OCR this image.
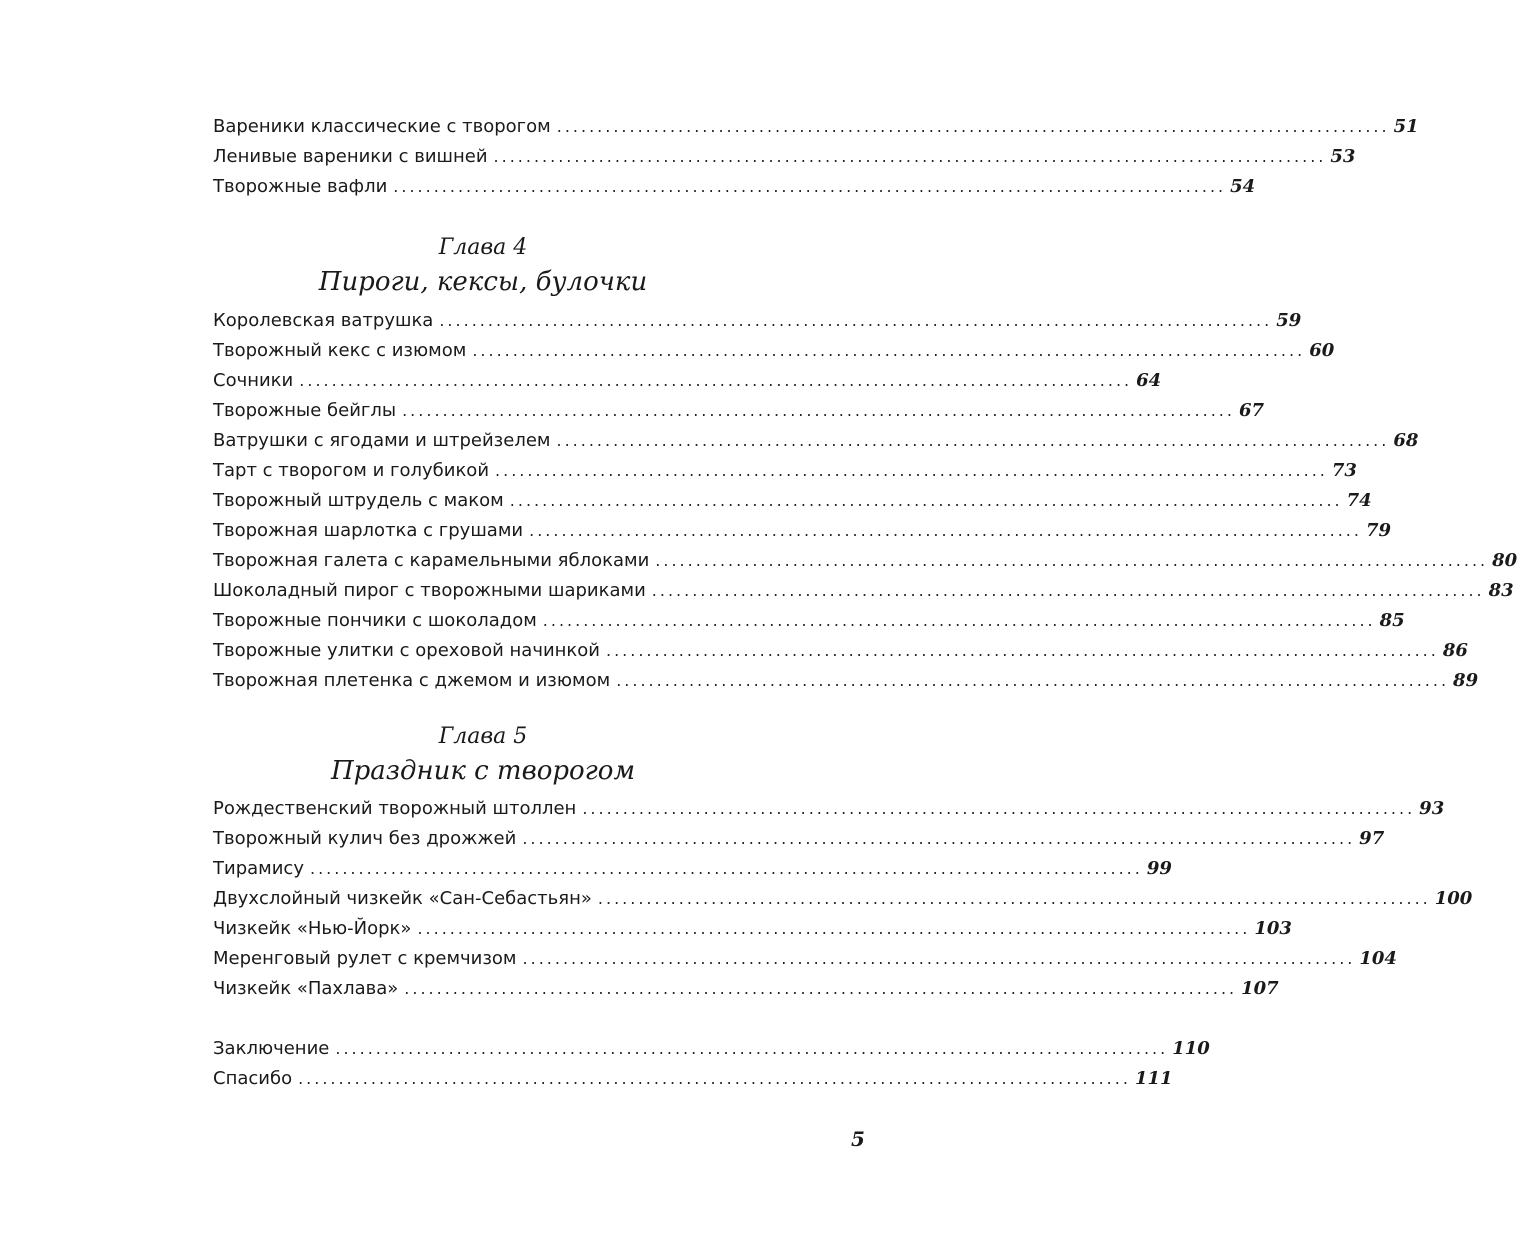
Вареники классические с творогом ....................................................................................................... 51
Ленивые вареники с вишней ....................................................................................................... 53
Творожные вафли ....................................................................................................... 54
Глава 4
Пироги, кексы, булочки
Королевская ватрушка ....................................................................................................... 59
Творожный кекс с изюмом ....................................................................................................... 60
Сочники ....................................................................................................... 64
Творожные бейглы ....................................................................................................... 67
Ватрушки с ягодами и штрейзелем ....................................................................................................... 68
Тарт с творогом и голубикой ....................................................................................................... 73
Творожный штрудель с маком ....................................................................................................... 74
Творожная шарлотка с грушами ....................................................................................................... 79
Творожная галета с карамельными яблоками ....................................................................................................... 80
Шоколадный пирог с творожными шариками ....................................................................................................... 83
Творожные пончики с шоколадом ....................................................................................................... 85
Творожные улитки с ореховой начинкой ....................................................................................................... 86
Творожная плетенка с джемом и изюмом ....................................................................................................... 89
Глава 5
Праздник с творогом
Рождественский творожный штоллен ....................................................................................................... 93
Творожный кулич без дрожжей ....................................................................................................... 97
Тирамису ....................................................................................................... 99
Двухслойный чизкейк «Сан-Себастьян» ....................................................................................................... 100
Чизкейк «Нью-Йорк» ....................................................................................................... 103
Меренговый рулет с кремчизом ....................................................................................................... 104
Чизкейк «Пахлава» ....................................................................................................... 107
Заключение ....................................................................................................... 110
Спасибо ....................................................................................................... 111
5
